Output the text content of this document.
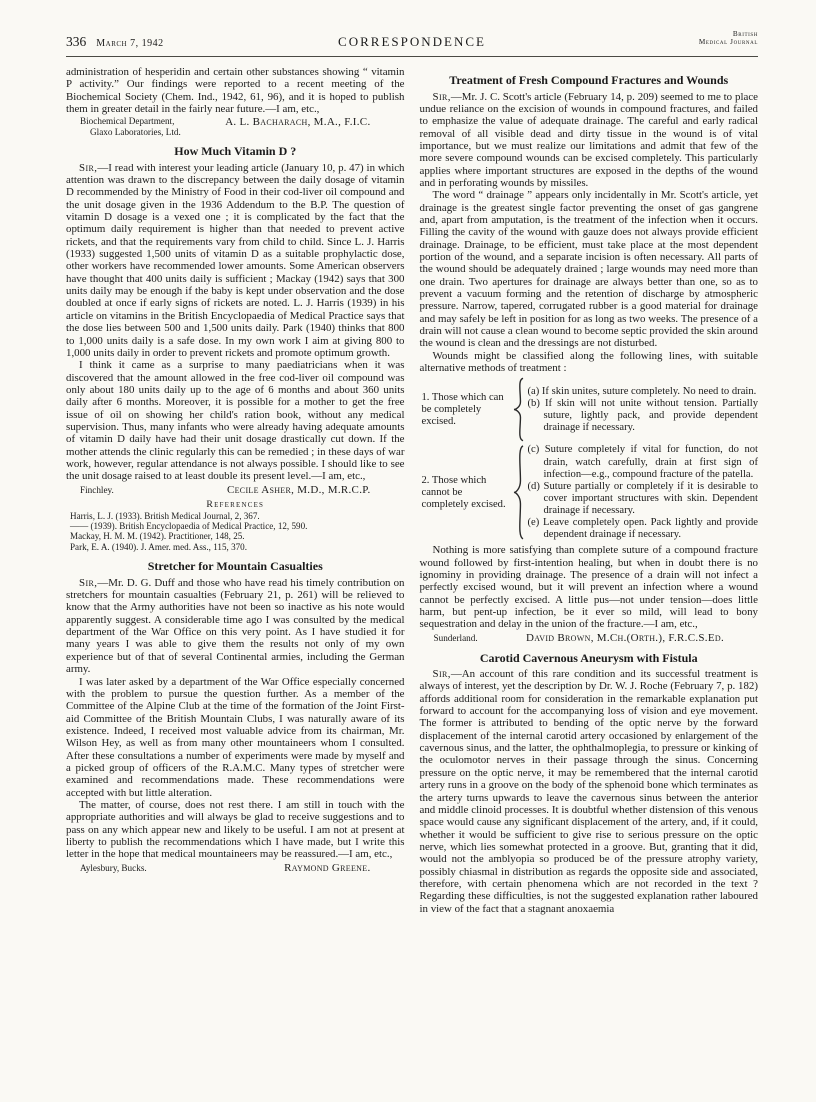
336 March 7, 1942	CORRESPONDENCE	British
Medical Journal

administration of hesperidin and certain other substances showing “ vitamin P activity.” Our findings were reported to a recent meeting of the Biochemical Society (Chem. Ind., 1942, 61, 96), and it is hoped to publish them in greater detail in the fairly near future.—I am, etc.,

Biochemical Department,
Glaxo Laboratories, Ltd.
A. L. Bacharach, M.A., F.I.C.
How Much Vitamin D ?

Sir,—I read with interest your leading article (January 10, p. 47) in which attention was drawn to the discrepancy between the daily dosage of vitamin D recommended by the Ministry of Food in their cod-liver oil compound and the unit dosage given in the 1936 Addendum to the B.P. The question of vitamin D dosage is a vexed one ; it is complicated by the fact that the optimum daily requirement is higher than that needed to prevent active rickets, and that the requirements vary from child to child. Since L. J. Harris (1933) suggested 1,500 units of vitamin D as a suitable prophylactic dose, other workers have recommended lower amounts. Some American observers have thought that 400 units daily is sufficient ; Mackay (1942) says that 300 units daily may be enough if the baby is kept under observation and the dose doubled at once if early signs of rickets are noted. L. J. Harris (1939) in his article on vitamins in the British Encyclopaedia of Medical Practice says that the dose lies between 500 and 1,500 units daily. Park (1940) thinks that 800 to 1,000 units daily is a safe dose. In my own work I aim at giving 800 to 1,000 units daily in order to prevent rickets and promote optimum growth.

I think it came as a surprise to many paediatricians when it was discovered that the amount allowed in the free cod-liver oil compound was only about 180 units daily up to the age of 6 months and about 360 units daily after 6 months. Moreover, it is possible for a mother to get the free issue of oil on showing her child's ration book, without any medical supervision. Thus, many infants who were already having adequate amounts of vitamin D daily have had their unit dosage drastically cut down. If the mother attends the clinic regularly this can be remedied ; in these days of war work, however, regular attendance is not always possible. I should like to see the unit dosage raised to at least double its present level.—I am, etc.,

Finchley.	Cecile Asher, M.D., M.R.C.P.
References
Harris, L. J. (1933). British Medical Journal, 2, 367.
—— (1939). British Encyclopaedia of Medical Practice, 12, 590.
Mackay, H. M. M. (1942). Practitioner, 148, 25.
Park, E. A. (1940). J. Amer. med. Ass., 115, 370.
Stretcher for Mountain Casualties

Sir,—Mr. D. G. Duff and those who have read his timely contribution on stretchers for mountain casualties (February 21, p. 261) will be relieved to know that the Army authorities have not been so inactive as his note would apparently suggest. A considerable time ago I was consulted by the medical department of the War Office on this very point. As I have studied it for many years I was able to give them the results not only of my own experience but of that of several Continental armies, including the German army.

I was later asked by a department of the War Office especially concerned with the problem to pursue the question further. As a member of the Committee of the Alpine Club at the time of the formation of the Joint First-aid Committee of the British Mountain Clubs, I was naturally aware of its existence. Indeed, I received most valuable advice from its chairman, Mr. Wilson Hey, as well as from many other mountaineers whom I consulted. After these consultations a number of experiments were made by myself and a picked group of officers of the R.A.M.C. Many types of stretcher were examined and recommendations made. These recommendations were accepted with but little alteration.

The matter, of course, does not rest there. I am still in touch with the appropriate authorities and will always be glad to receive suggestions and to pass on any which appear new and likely to be useful. I am not at present at liberty to publish the recommendations which I have made, but I write this letter in the hope that medical mountaineers may be reassured.—I am, etc.,

Aylesbury, Bucks.	Raymond Greene.
Treatment of Fresh Compound Fractures and Wounds

Sir,—Mr. J. C. Scott's article (February 14, p. 209) seemed to me to place undue reliance on the excision of wounds in compound fractures, and failed to emphasize the value of adequate drainage. The careful and early radical removal of all visible dead and dirty tissue in the wound is of vital importance, but we must realize our limitations and admit that few of the more severe compound wounds can be excised completely. This particularly applies where important structures are exposed in the depths of the wound and in perforating wounds by missiles.

The word “ drainage ” appears only incidentally in Mr. Scott's article, yet drainage is the greatest single factor preventing the onset of gas gangrene and, apart from amputation, is the treatment of the infection when it occurs. Filling the cavity of the wound with gauze does not always provide efficient drainage. Drainage, to be efficient, must take place at the most dependent portion of the wound, and a separate incision is often necessary. All parts of the wound should be adequately drained ; large wounds may need more than one drain. Two apertures for drainage are always better than one, so as to prevent a vacuum forming and the retention of discharge by atmospheric pressure. Narrow, tapered, corrugated rubber is a good material for drainage and may safely be left in position for as long as two weeks. The presence of a drain will not cause a clean wound to become septic provided the skin around the wound is clean and the dressings are not disturbed.

Wounds might be classified along the following lines, with suitable alternative methods of treatment :

1. Those which can be completely excised.
(a) If skin unites, suture completely. No need to drain.
(b) If skin will not unite without tension. Partially suture, lightly pack, and provide dependent drainage if necessary.
2. Those which cannot be completely excised.
(c) Suture completely if vital for function, do not drain, watch carefully, drain at first sign of infection—e.g., compound fracture of the patella.
(d) Suture partially or completely if it is desirable to cover important structures with skin. Dependent drainage if necessary.
(e) Leave completely open. Pack lightly and provide dependent drainage if necessary.

Nothing is more satisfying than complete suture of a compound fracture wound followed by first-intention healing, but when in doubt there is no ignominy in providing drainage. The presence of a drain will not infect a perfectly excised wound, but it will prevent an infection where a wound cannot be perfectly excised. A little pus—not under tension—does little harm, but pent-up infection, be it ever so mild, will lead to bony sequestration and delay in the union of the fracture.—I am, etc.,

Sunderland.	David Brown, M.Ch.(Orth.), F.R.C.S.Ed.
Carotid Cavernous Aneurysm with Fistula

Sir,—An account of this rare condition and its successful treatment is always of interest, yet the description by Dr. W. J. Roche (February 7, p. 182) affords additional room for consideration in the remarkable explanation put forward to account for the accompanying loss of vision and eye movement. The former is attributed to bending of the optic nerve by the forward displacement of the internal carotid artery occasioned by enlargement of the cavernous sinus, and the latter, the ophthalmoplegia, to pressure or kinking of the oculomotor nerves in their passage through the sinus. Concerning pressure on the optic nerve, it may be remembered that the internal carotid artery runs in a groove on the body of the sphenoid bone which terminates as the artery turns upwards to leave the cavernous sinus between the anterior and middle clinoid processes. It is doubtful whether distension of this venous space would cause any significant displacement of the artery, and, if it could, whether it would be sufficient to give rise to serious pressure on the optic nerve, which lies somewhat protected in a groove. But, granting that it did, would not the amblyopia so produced be of the pressure atrophy variety, possibly chiasmal in distribution as regards the opposite side and associated, therefore, with certain phenomena which are not recorded in the text ? Regarding these difficulties, is not the suggested explanation rather laboured in view of the fact that a stagnant anoxaemia
